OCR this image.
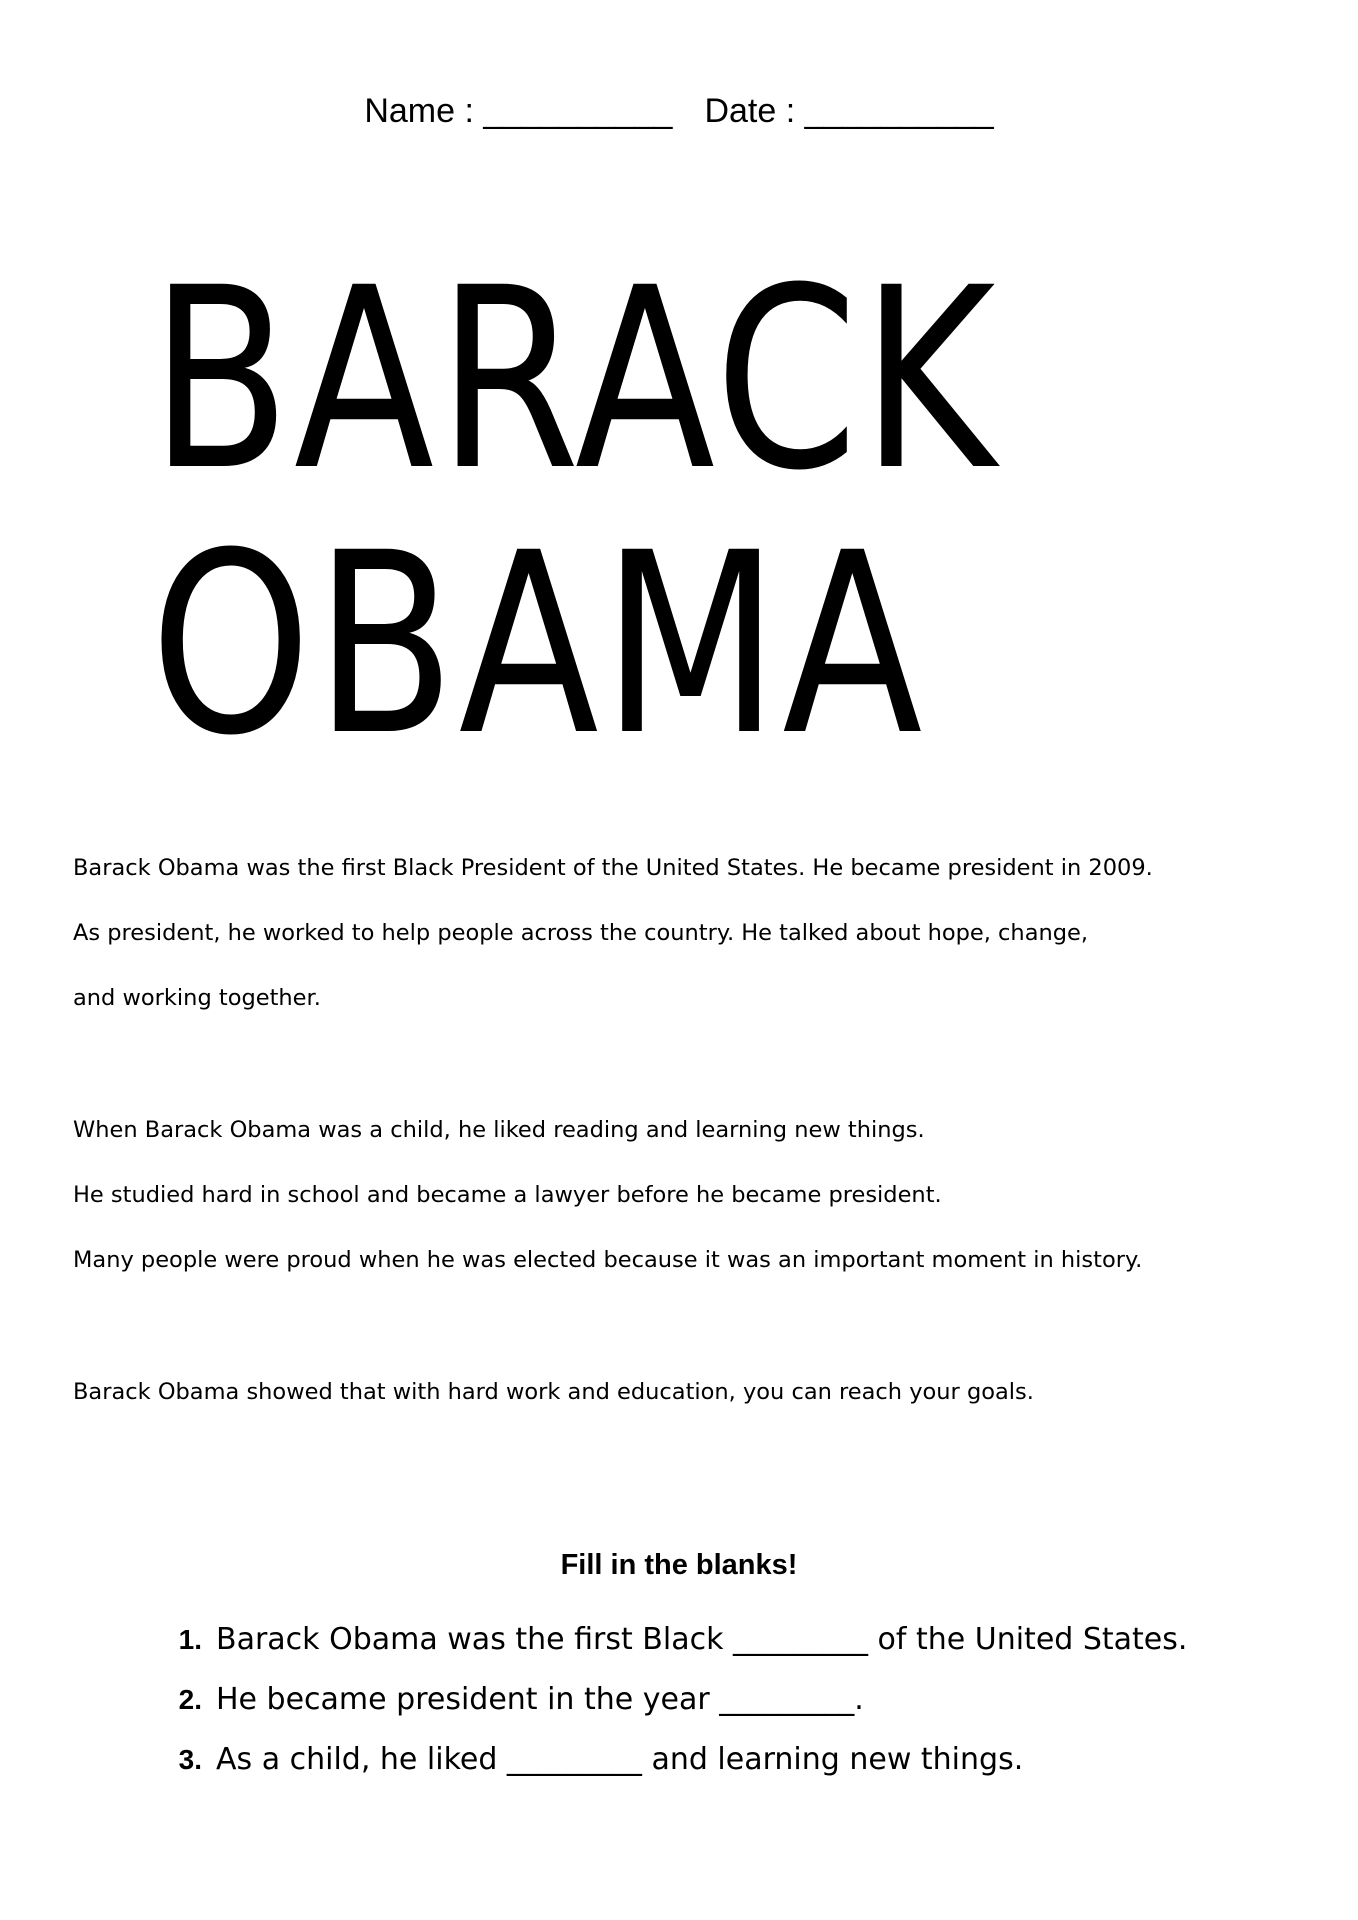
Name : __________ Date : __________
BARACK
OBAMA

Barack Obama was the first Black President of the United States. He became president in 2009.

As president, he worked to help people across the country. He talked about hope, change,

and working together.

When Barack Obama was a child, he liked reading and learning new things.

He studied hard in school and became a lawyer before he became president.

Many people were proud when he was elected because it was an important moment in history.

Barack Obama showed that with hard work and education, you can reach your goals.

Fill in the blanks!
1. Barack Obama was the first Black _________ of the United States.
2. He became president in the year _________.
3. As a child, he liked _________ and learning new things.
